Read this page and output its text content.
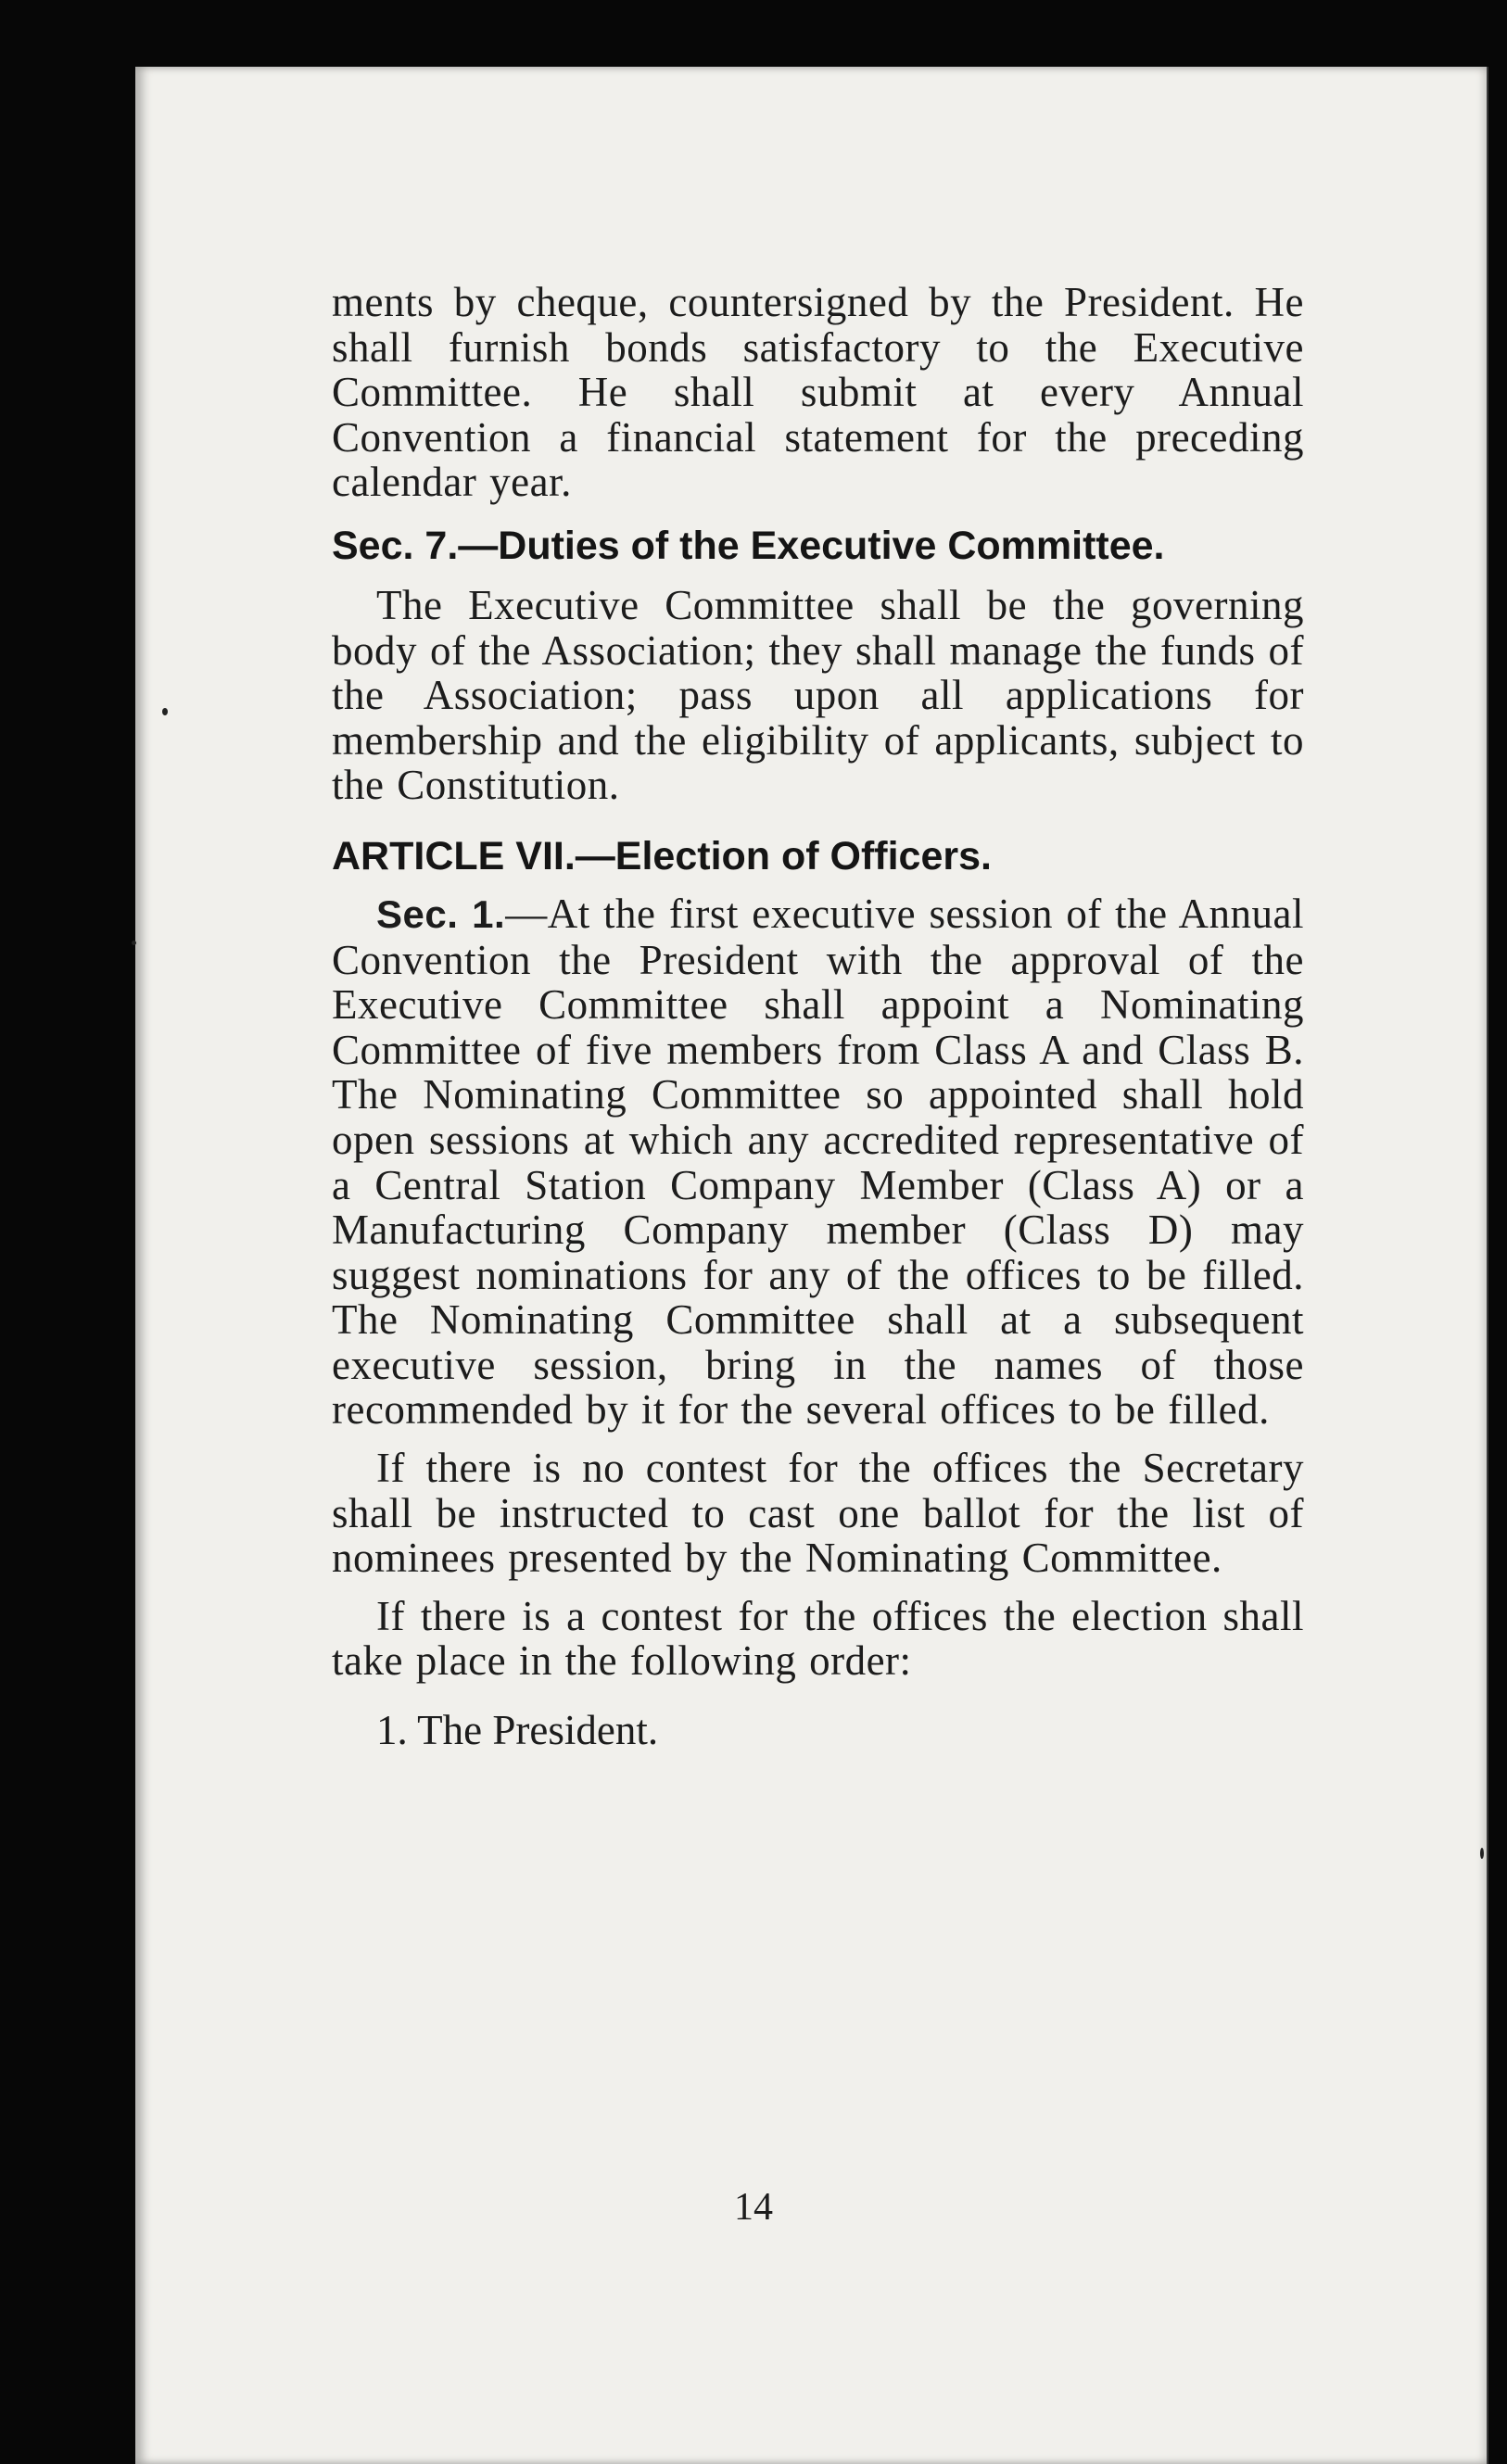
ments by cheque, countersigned by the President. He shall furnish bonds satisfactory to the Executive Committee. He shall submit at every Annual Convention a financial statement for the preceding calendar year.

Sec. 7.—Duties of the Executive Committee.

The Executive Committee shall be the governing body of the Association; they shall manage the funds of the Association; pass upon all applications for membership and the eligibility of applicants, subject to the Constitution.

ARTICLE VII.—Election of Officers.

Sec. 1.—At the first executive session of the Annual Convention the President with the approval of the Executive Committee shall appoint a Nominating Committee of five members from Class A and Class B. The Nominating Committee so appointed shall hold open sessions at which any accredited representative of a Central Station Company Member (Class A) or a Manufacturing Company member (Class D) may suggest nominations for any of the offices to be filled. The Nominating Committee shall at a subsequent executive session, bring in the names of those recommended by it for the several offices to be filled.

If there is no contest for the offices the Secretary shall be instructed to cast one ballot for the list of nominees presented by the Nominating Committee.

If there is a contest for the offices the election shall take place in the following order:

1. The President.

14
